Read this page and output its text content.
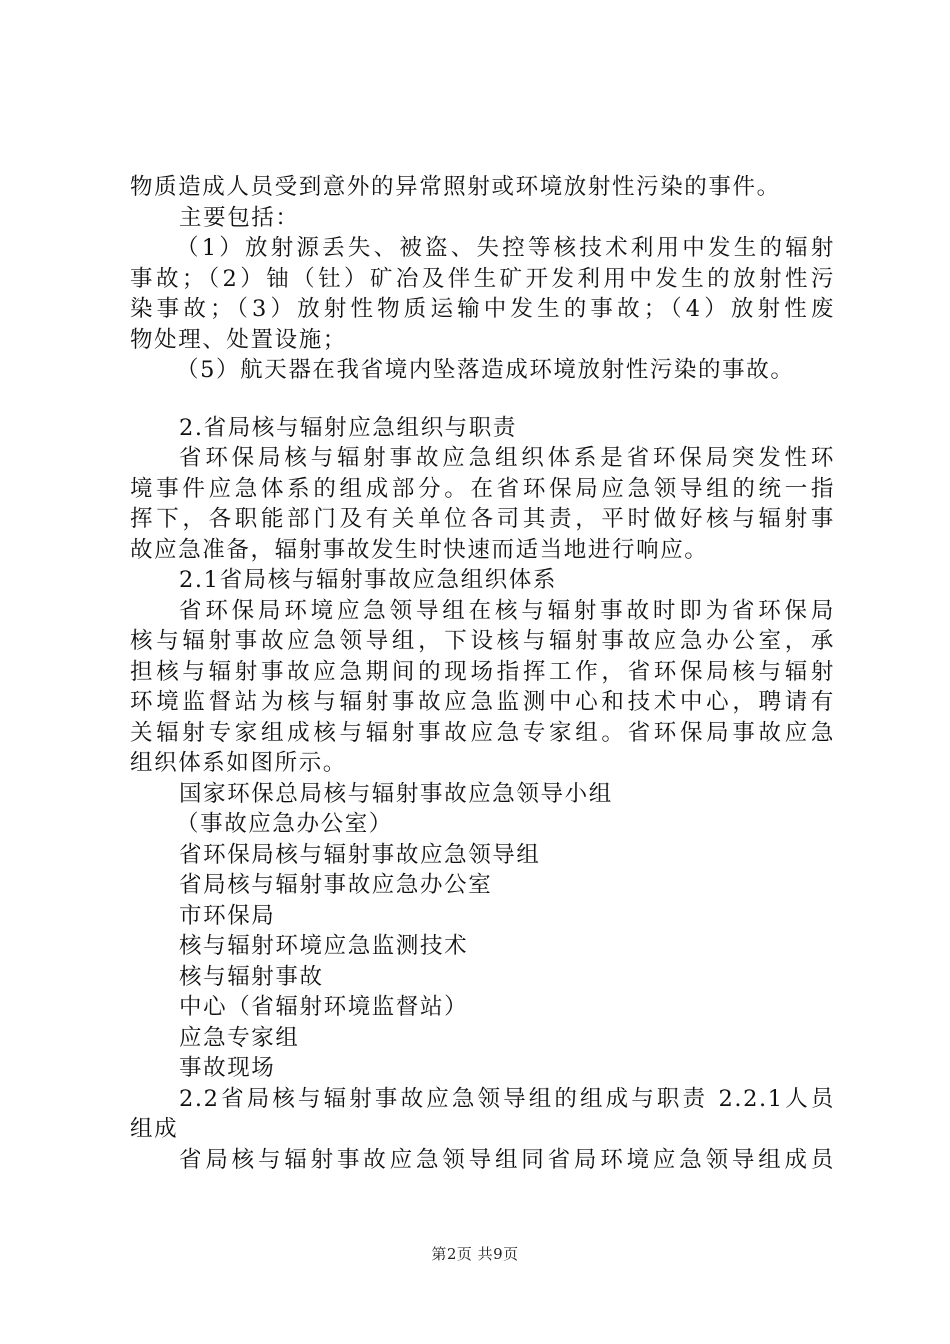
物质造成人员受到意外的异常照射或环境放射性污染的事件。
主要包括：
（1）放射源丢失、被盗、失控等核技术利用中发生的辐射
事故；（2）铀（钍）矿冶及伴生矿开发利用中发生的放射性污
染事故；（3）放射性物质运输中发生的事故；（4）放射性废
物处理、处置设施；
（5）航天器在我省境内坠落造成环境放射性污染的事故。
2.省局核与辐射应急组织与职责
省环保局核与辐射事故应急组织体系是省环保局突发性环
境事件应急体系的组成部分。在省环保局应急领导组的统一指
挥下，各职能部门及有关单位各司其责，平时做好核与辐射事
故应急准备，辐射事故发生时快速而适当地进行响应。
2.1省局核与辐射事故应急组织体系
省环保局环境应急领导组在核与辐射事故时即为省环保局
核与辐射事故应急领导组，下设核与辐射事故应急办公室，承
担核与辐射事故应急期间的现场指挥工作，省环保局核与辐射
环境监督站为核与辐射事故应急监测中心和技术中心，聘请有
关辐射专家组成核与辐射事故应急专家组。省环保局事故应急
组织体系如图所示。
国家环保总局核与辐射事故应急领导小组
（事故应急办公室）
省环保局核与辐射事故应急领导组
省局核与辐射事故应急办公室
市环保局
核与辐射环境应急监测技术
核与辐射事故
中心（省辐射环境监督站）
应急专家组
事故现场
2.2省局核与辐射事故应急领导组的组成与职责 2.2.1人员
组成
省局核与辐射事故应急领导组同省局环境应急领导组成员
第2页 共9页
